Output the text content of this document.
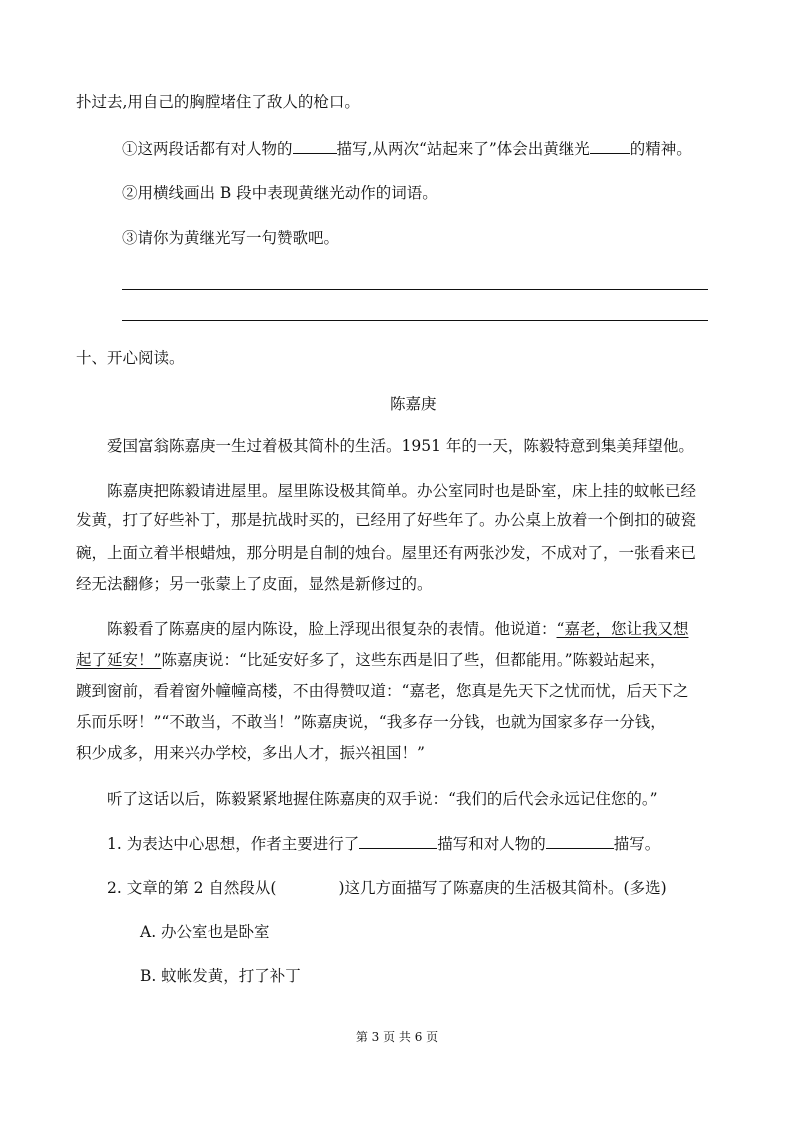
扑过去,用自己的胸膛堵住了敌人的枪口。
①这两段话都有对人物的	描写,从两次“站起来了”体会出黄继光	的精神。
②用横线画出 B 段中表现黄继光动作的词语。
③请你为黄继光写一句赞歌吧。
十、开心阅读。
陈嘉庚
爱国富翁陈嘉庚一生过着极其简朴的生活。1951 年的一天，陈毅特意到集美拜望他。
陈嘉庚把陈毅请进屋里。屋里陈设极其简单。办公室同时也是卧室，床上挂的蚊帐已经
发黄，打了好些补丁，那是抗战时买的，已经用了好些年了。办公桌上放着一个倒扣的破瓷
碗，上面立着半根蜡烛，那分明是自制的烛台。屋里还有两张沙发，不成对了，一张看来已
经无法翻修；另一张蒙上了皮面，显然是新修过的。
陈毅看了陈嘉庚的屋内陈设，脸上浮现出很复杂的表情。他说道：“嘉老，您让我又想
起了延安！”陈嘉庚说：“比延安好多了，这些东西是旧了些，但都能用。”陈毅站起来，
踱到窗前，看着窗外幢幢高楼，不由得赞叹道：“嘉老，您真是先天下之忧而忧，后天下之
乐而乐呀！”“不敢当，不敢当！”陈嘉庚说，“我多存一分钱，也就为国家多存一分钱，
积少成多，用来兴办学校，多出人才，振兴祖国！”
听了这话以后，陈毅紧紧地握住陈嘉庚的双手说：“我们的后代会永远记住您的。”
1. 为表达中心思想，作者主要进行了	描写和对人物的	描写。
2. 文章的第 2 自然段从(	)这几方面描写了陈嘉庚的生活极其简朴。(多选)
A. 办公室也是卧室
B. 蚊帐发黄，打了补丁
第 3 页 共 6 页
